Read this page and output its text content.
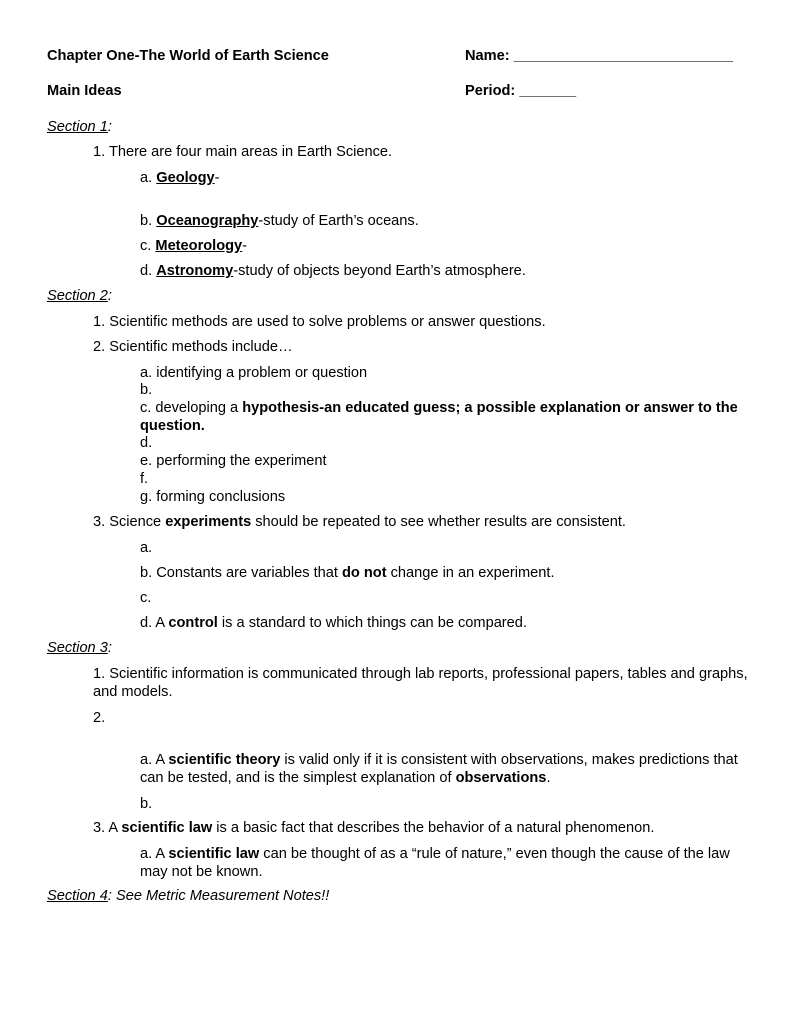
Chapter One-The World of Earth Science	Name: ___________________________
Main Ideas	Period: _______
Section 1:
1. There are four main areas in Earth Science.
a. Geology-
b. Oceanography-study of Earth’s oceans.
c. Meteorology-
d. Astronomy-study of objects beyond Earth’s atmosphere.
Section 2:
1. Scientific methods are used to solve problems or answer questions.
2. Scientific methods include…
a. identifying a problem or question
b.
c. developing a hypothesis-an educated guess; a possible explanation or answer to the question.
d.
e. performing the experiment
f.
g. forming conclusions
3. Science experiments should be repeated to see whether results are consistent.
a.
b. Constants are variables that do not change in an experiment.
c.
d. A control is a standard to which things can be compared.
Section 3:
1. Scientific information is communicated through lab reports, professional papers, tables and graphs, and models.
2.
a. A scientific theory is valid only if it is consistent with observations, makes predictions that can be tested, and is the simplest explanation of observations.
b.
3. A scientific law is a basic fact that describes the behavior of a natural phenomenon.
a. A scientific law can be thought of as a “rule of nature,” even though the cause of the law may not be known.
Section 4: See Metric Measurement Notes!!
